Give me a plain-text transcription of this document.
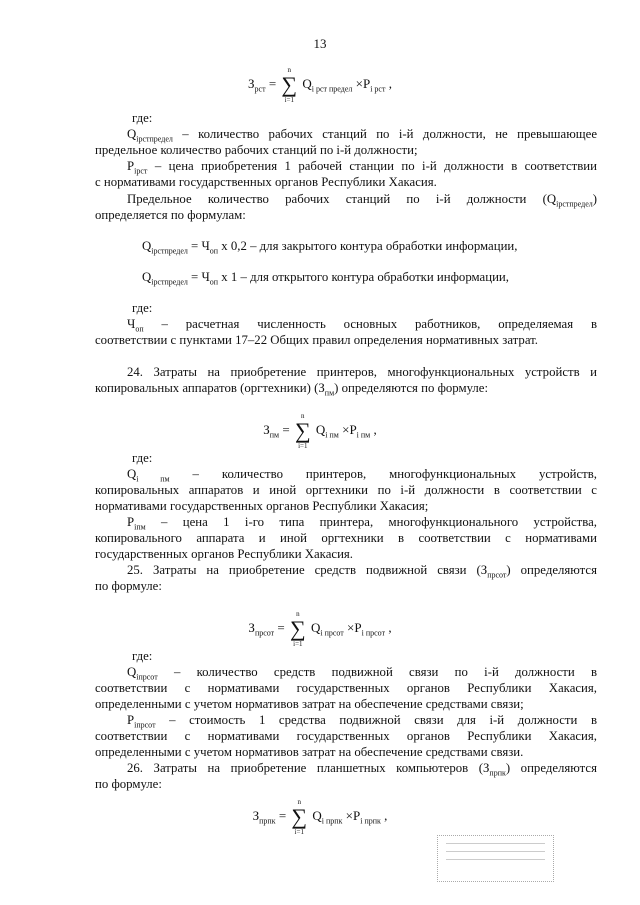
13
$З_{рст}$ = ∑
n
i=1
$Q_{i рст предел} \times P_{i рст}$ ,
где:
$Q_{iрстпредел}$ – количество рабочих станций по i-й должности, не превышающее
предельное количество рабочих станций по i-й должности;
$P_{iрст}$ – цена приобретения 1 рабочей станции по i-й должности в соответствии
с нормативами государственных органов Республики Хакасия.
Предельное количество рабочих станций по i-й должности $(Q_{iрстпредел})$
определяется по формулам:
$Q_{iрстпредел} = Ч_{оп}$ х 0,2 – для закрытого контура обработки информации,
$Q_{iрстпредел} = Ч_{оп}$ х 1 – для открытого контура обработки информации,
где:
$Ч_{оп}$ – расчетная численность основных работников, определяемая в
соответствии с пунктами 17–22 Общих правил определения нормативных затрат.
24. Затраты на приобретение принтеров, многофункциональных устройств и
копировальных аппаратов (оргтехники) $(З_{пм})$ определяются по формуле:
$З_{пм}$ = ∑
n
i=1
$Q_{i пм} \times P_{i пм}$ ,
где:
$Q_{i пм}$ – количество принтеров, многофункциональных устройств,
копировальных аппаратов и иной оргтехники по i-й должности в соответствии с
нормативами государственных органов Республики Хакасия;
$P_{iпм}$ – цена 1 i-го типа принтера, многофункционального устройства,
копировального аппарата и иной оргтехники в соответствии с нормативами
государственных органов Республики Хакасия.
25. Затраты на приобретение средств подвижной связи $(З_{прсот})$ определяются
по формуле:
$З_{прсот}$ = ∑
n
i=1
$Q_{i прсот} \times P_{i прсот}$ ,
где:
$Q_{iпрсот}$ – количество средств подвижной связи по i-й должности в
соответствии с нормативами государственных органов Республики Хакасия,
определенными с учетом нормативов затрат на обеспечение средствами связи;
$P_{iпрсот}$ – стоимость 1 средства подвижной связи для i-й должности в
соответствии с нормативами государственных органов Республики Хакасия,
определенными с учетом нормативов затрат на обеспечение средствами связи.
26. Затраты на приобретение планшетных компьютеров $(З_{прпк})$ определяются
по формуле:
$З_{прпк}$ = ∑
n
i=1
$Q_{i прпк} \times P_{i прпк}$ ,
